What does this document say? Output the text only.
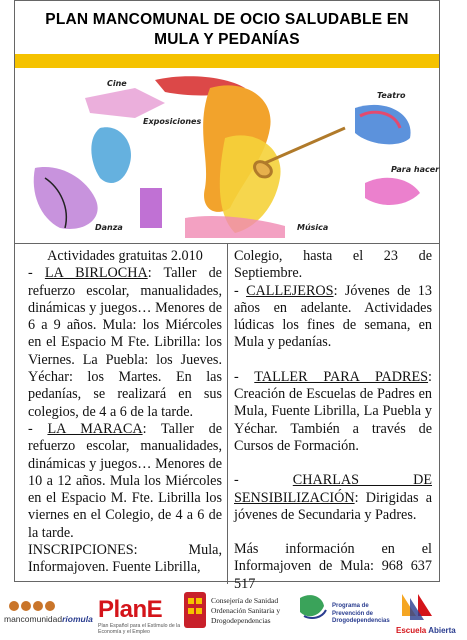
PLAN MANCOMUNAL DE OCIO SALUDABLE EN
MULA Y PEDANÍAS
Cine
Teatro
Exposiciones
Para hacer
Danza	Música

Actividades gratuitas 2.010

- LA BIRLOCHA: Taller de refuerzo escolar, manualidades, dinámicas y juegos… Menores de 6 a 9 años. Mula: los Miércoles en el Espacio M Fte. Librilla: los Viernes. La Puebla: los Jueves. Yéchar: los Martes. En las pedanías, se realizará en sus colegios, de 4 a 6 de la tarde.

- LA MARACA: Taller de refuerzo escolar, manualidades, dinámicas y juegos… Menores de 10 a 12 años. Mula los Miércoles en el Espacio M. Fte. Librilla los viernes en el Colegio, de 4 a 6 de la tarde.

INSCRIPCIONES: Mula, Informajoven. Fuente Librilla,

Colegio, hasta el 23 de Septiembre.

- CALLEJEROS: Jóvenes de 13 años en adelante. Actividades lúdicas los fines de semana, en Mula y pedanías.

- TALLER PARA PADRES: Creación de Escuelas de Padres en Mula, Fuente Librilla, La Puebla y Yéchar. También a través de Cursos de Formación.

- CHARLAS DE SENSIBILIZACIÓN: Dirigidas a jóvenes de Secundaria y Padres.

Más información en el Informajoven de Mula: 968 637 517

mancomunidadriomula PlanE
Plan Español para el Estímulo de la Economía y el Empleo
Consejería de Sanidad Ordenación Sanitaria y Drogodependencias
Programa de Prevención de Drogodependencias
Escuela Abierta
